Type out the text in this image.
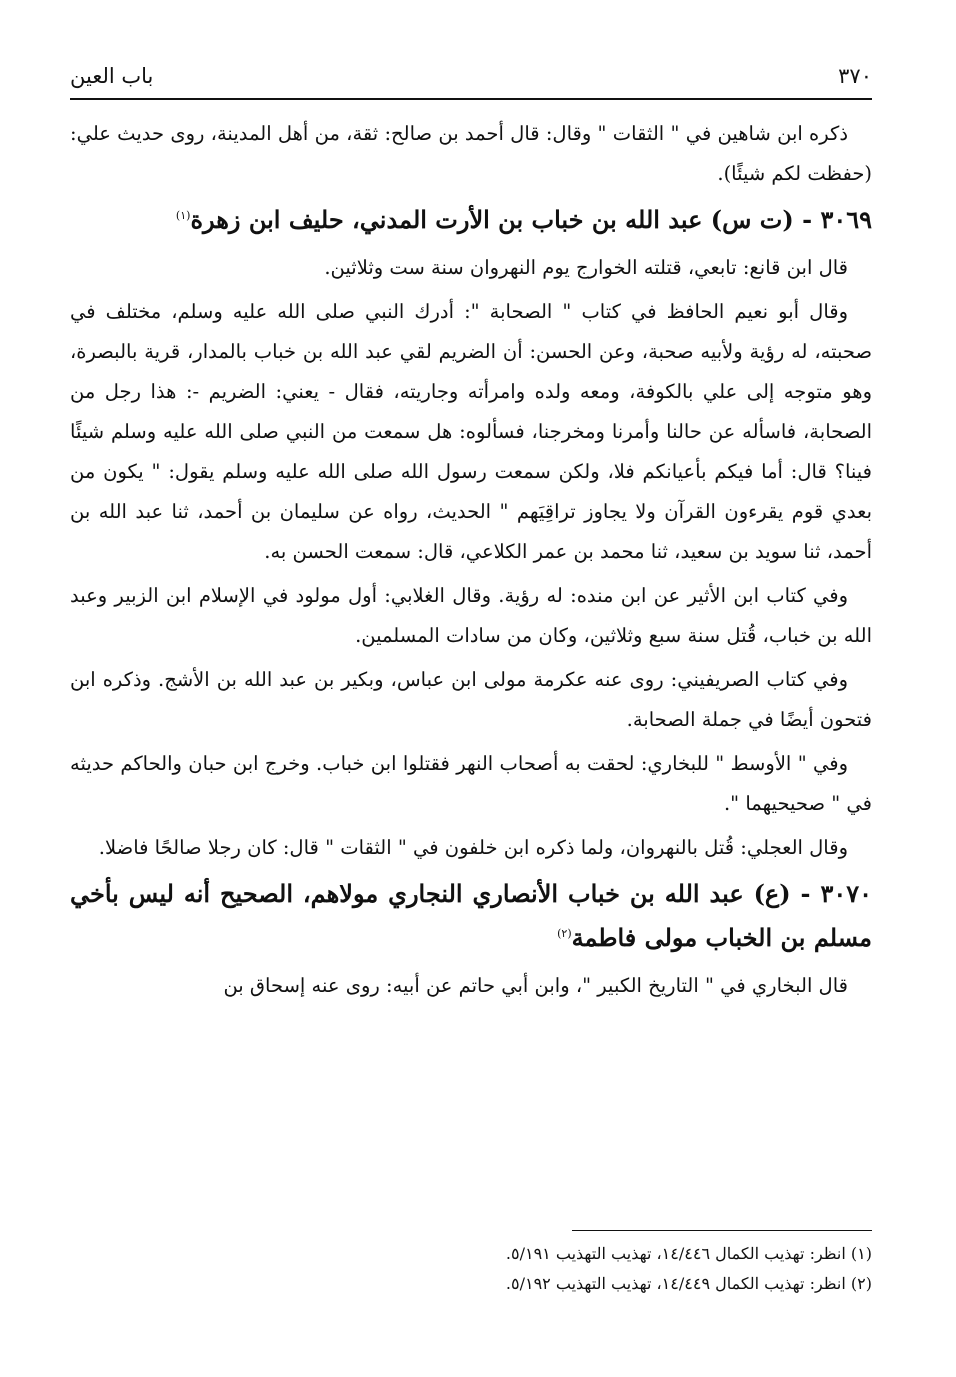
٣٧٠
باب العين

ذكره ابن شاهين في " الثقات " وقال: قال أحمد بن صالح: ثقة، من أهل المدينة، روى حديث علي: (حفظت لكم شيئًا).

٣٠٦٩ - (ت س) عبد الله بن خباب بن الأرت المدني، حليف ابن زهرة$^{(١)}$

قال ابن قانع: تابعي، قتلته الخوارج يوم النهروان سنة ست وثلاثين.

وقال أبو نعيم الحافظ في كتاب " الصحابة ": أدرك النبي صلى الله عليه وسلم، مختلف في صحبته، له رؤية ولأبيه صحبة، وعن الحسن: أن الضريم لقي عبد الله بن خباب بالمدار، قرية بالبصرة، وهو متوجه إلى علي بالكوفة، ومعه ولده وامرأته وجاريته، فقال - يعني: الضريم -: هذا رجل من الصحابة، فاسأله عن حالنا وأمرنا ومخرجنا، فسألوه: هل سمعت من النبي صلى الله عليه وسلم شيئًا فينا؟ قال: أما فيكم بأعيانكم فلا، ولكن سمعت رسول الله صلى الله عليه وسلم يقول: " يكون من بعدي قوم يقرءون القرآن ولا يجاوز تراقِيَهم " الحديث، رواه عن سليمان بن أحمد، ثنا عبد الله بن أحمد، ثنا سويد بن سعيد، ثنا محمد بن عمر الكلاعي، قال: سمعت الحسن به.

وفي كتاب ابن الأثير عن ابن منده: له رؤية. وقال الغلابي: أول مولود في الإسلام ابن الزبير وعبد الله بن خباب، قُتل سنة سبع وثلاثين، وكان من سادات المسلمين.

وفي كتاب الصريفيني: روى عنه عكرمة مولى ابن عباس، وبكير بن عبد الله بن الأشج. وذكره ابن فتحون أيضًا في جملة الصحابة.

وفي " الأوسط " للبخاري: لحقت به أصحاب النهر فقتلوا ابن خباب. وخرج ابن حبان والحاكم حديثه في " صحيحيهما ".

وقال العجلي: قُتل بالنهروان، ولما ذكره ابن خلفون في " الثقات " قال: كان رجلا صالحًا فاضلا.

٣٠٧٠ - (ع) عبد الله بن خباب الأنصاري النجاري مولاهم، الصحيح أنه ليس بأخي مسلم بن الخباب مولى فاطمة$^{(٢)}$

قال البخاري في " التاريخ الكبير "، وابن أبي حاتم عن أبيه: روى عنه إسحاق بن

(١) انظر: تهذيب الكمال ١٤/٤٤٦، تهذيب التهذيب ٥/١٩١.

(٢) انظر: تهذيب الكمال ١٤/٤٤٩، تهذيب التهذيب ٥/١٩٢.
